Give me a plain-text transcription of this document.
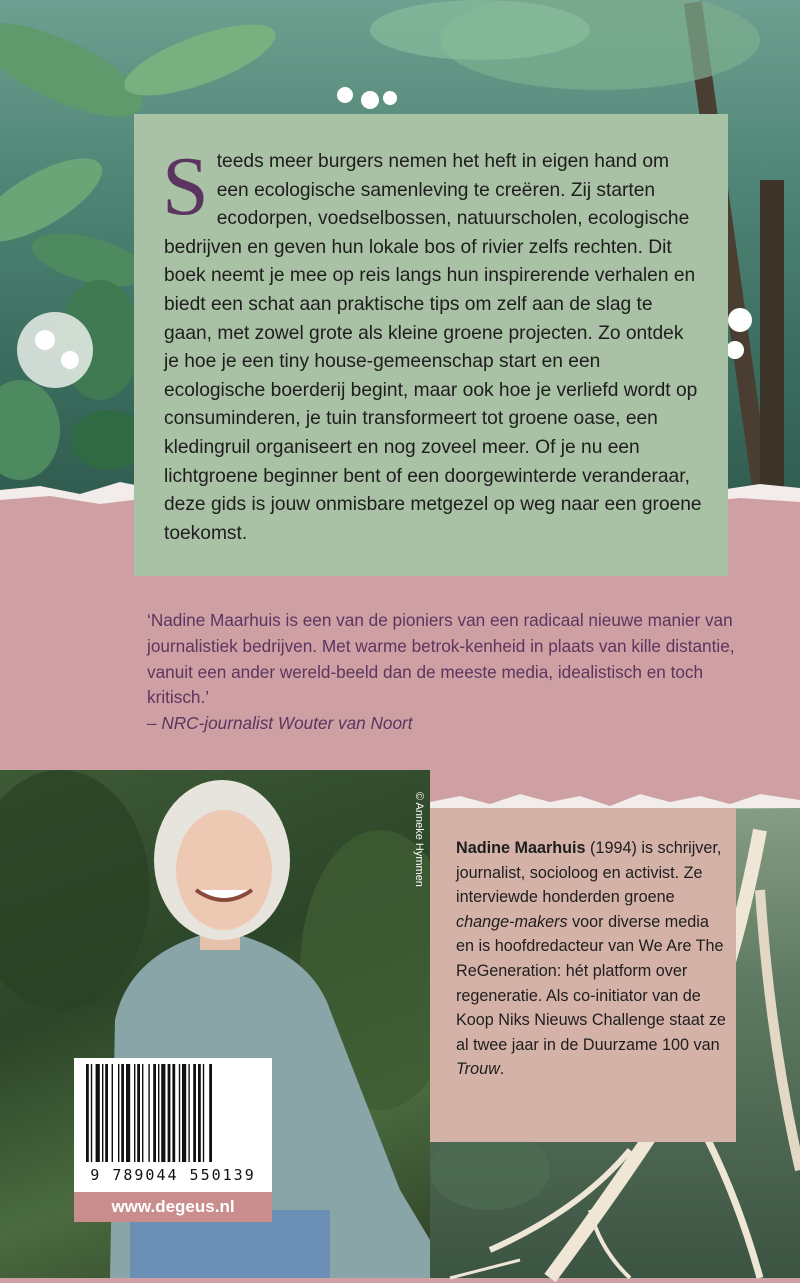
Steeds meer burgers nemen het heft in eigen hand om een ecologische samenleving te creëren. Zij starten ecodorpen, voedselbossen, natuurscholen, ecologische bedrijven en geven hun lokale bos of rivier zelfs rechten. Dit boek neemt je mee op reis langs hun inspirerende verhalen en biedt een schat aan praktische tips om zelf aan de slag te gaan, met zowel grote als kleine groene projecten. Zo ontdek je hoe je een tiny house-gemeenschap start en een ecologische boerderij begint, maar ook hoe je verliefd wordt op consuminderen, je tuin transformeert tot groene oase, een kledingruil organiseert en nog zoveel meer. Of je nu een lichtgroene beginner bent of een doorgewinterde veranderaar, deze gids is jouw onmisbare metgezel op weg naar een groene toekomst.

‘Nadine Maarhuis is een van de pioniers van een radicaal nieuwe manier van journalistiek bedrijven. Met warme betrok-kenheid in plaats van kille distantie, vanuit een ander wereld-beeld dan de meeste media, idealistisch en toch kritisch.’

– NRC-journalist Wouter van Noort

© Anneke Hymmen Nadine Maarhuis (1994) is schrijver, journalist, socioloog en activist. Ze interviewde honderden groene change-makers voor diverse media en is hoofdredacteur van We Are The ReGeneration: hét platform over regeneratie. Als co-initiator van de Koop Niks Nieuws Challenge staat ze al twee jaar in de Duurzame 100 van Trouw.

9 789044 550139
www.degeus.nl
